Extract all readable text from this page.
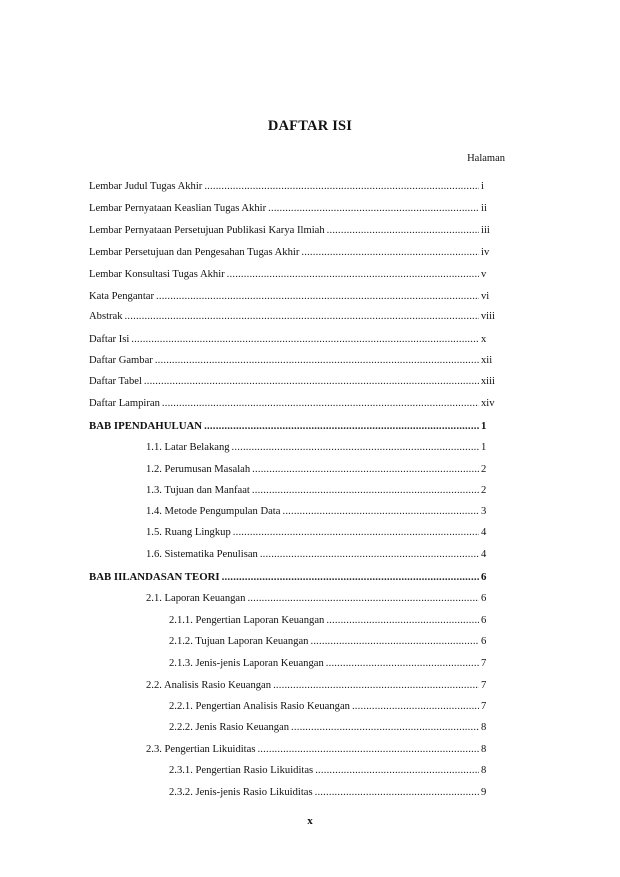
DAFTAR ISI
Halaman
Lembar Judul Tugas Akhir .....	i
Lembar Pernyataan Keaslian Tugas Akhir .....	ii
Lembar Pernyataan Persetujuan Publikasi Karya Ilmiah .....	iii
Lembar Persetujuan dan Pengesahan Tugas Akhir .....	iv
Lembar Konsultasi Tugas Akhir .....	v
Kata Pengantar .....	vi
Abstrak .....	viii
Daftar Isi .....	x
Daftar Gambar .....	xii
Daftar Tabel .....	xiii
Daftar Lampiran .....	xiv
BAB I PENDAHULUAN .....	1
1.1. Latar Belakang .....	1
1.2. Perumusan Masalah .....	2
1.3. Tujuan dan Manfaat .....	2
1.4. Metode Pengumpulan Data .....	3
1.5. Ruang Lingkup .....	4
1.6. Sistematika Penulisan .....	4
BAB II LANDASAN TEORI .....	6
2.1. Laporan Keuangan .....	6
2.1.1. Pengertian Laporan Keuangan .....	6
2.1.2. Tujuan Laporan Keuangan .....	6
2.1.3. Jenis-jenis Laporan Keuangan .....	7
2.2. Analisis Rasio Keuangan .....	7
2.2.1. Pengertian Analisis Rasio Keuangan .....	7
2.2.2. Jenis Rasio Keuangan .....	8
2.3. Pengertian Likuiditas .....	8
2.3.1. Pengertian Rasio Likuiditas .....	8
2.3.2. Jenis-jenis Rasio Likuiditas .....	9
x
